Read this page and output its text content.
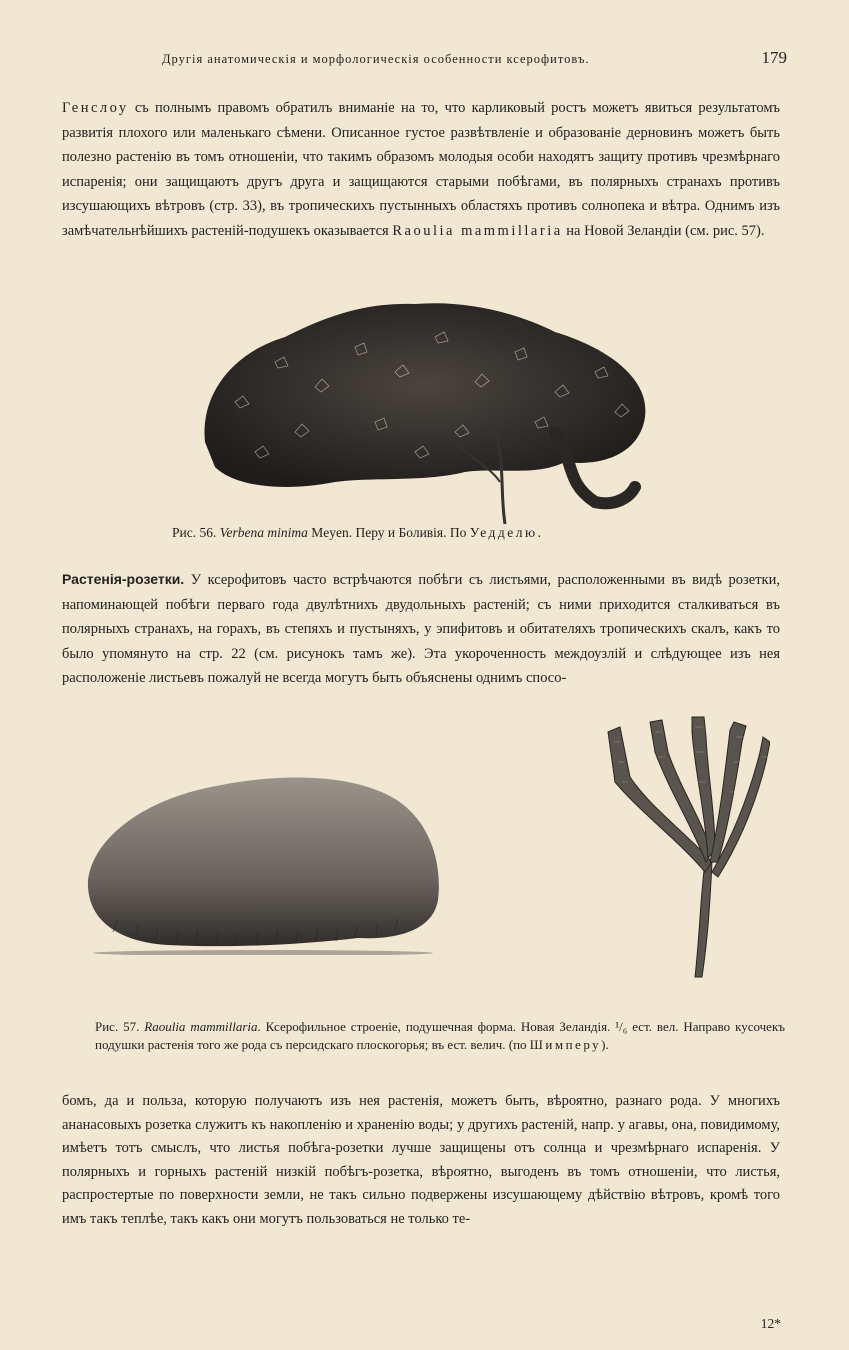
Другія анатомическія и морфологическія особенности ксерофитовъ.	179
Генслоу съ полнымъ правомъ обратилъ вниманіе на то, что карликовый ростъ можетъ явиться результатомъ развитія плохого или маленькаго сѣмени. Описанное густое развѣтвленіе и образованіе дерновинъ можетъ быть полезно растенію въ томъ отношеніи, что такимъ образомъ молодыя особи находятъ защиту противъ чрезмѣрнаго испаренія; они защищаютъ другъ друга и защищаются старыми побѣгами, въ полярныхъ странахъ противъ изсушающихъ вѣтровъ (стр. 33), въ тропическихъ пустынныхъ областяхъ противъ солнопека и вѣтра. Однимъ изъ замѣчательнѣйшихъ растеній-подушекъ оказывается Raoulia mammillaria на Новой Зеландіи (см. рис. 57).
Рис. 56. Verbena minima Meyen. Перу и Боливія. По Уедделю.
Растенія-розетки. У ксерофитовъ часто встрѣчаются побѣги съ листьями, расположенными въ видѣ розетки, напоминающей побѣги перваго года двулѣтнихъ двудольныхъ растеній; съ ними приходится сталкиваться въ полярныхъ странахъ, на горахъ, въ степяхъ и пустыняхъ, у эпифитовъ и обитателяхъ тропическихъ скалъ, какъ то было упомянуто на стр. 22 (см. рисунокъ тамъ же). Эта укороченность междоузлій и слѣдующее изъ нея расположеніе листьевъ пожалуй не всегда могутъ быть объяснены однимъ спосо-
Рис. 57. Raoulia mammillaria. Ксерофильное строеніе, подушечная форма. Новая Зеландія. ¹/₆ ест. вел. Направо кусочекъ подушки растенія того же рода съ персидскаго плоскогорья; въ ест. велич. (по Шимперу).
бомъ, да и польза, которую получаютъ изъ нея растенія, можетъ быть, вѣроятно, разнаго рода. У многихъ ананасовыхъ розетка служитъ къ накопленію и храненію воды; у другихъ растеній, напр. у агавы, она, повидимому, имѣетъ тотъ смыслъ, что листья побѣга-розетки лучше защищены отъ солнца и чрезмѣрнаго испаренія. У полярныхъ и горныхъ растеній низкій побѣгъ-розетка, вѣроятно, выгоденъ въ томъ отношеніи, что листья, распростертые по поверхности земли, не такъ сильно подвержены изсушающему дѣйствію вѣтровъ, кромѣ того имъ такъ теплѣе, такъ какъ они могутъ пользоваться не только те-
12*
